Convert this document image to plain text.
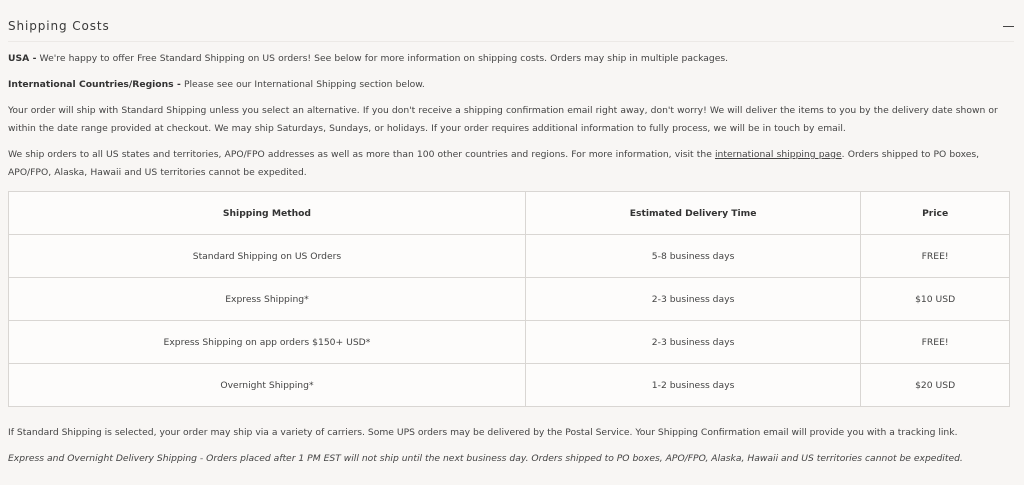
Shipping Costs

USA - We're happy to offer Free Standard Shipping on US orders! See below for more information on shipping costs. Orders may ship in multiple packages.

International Countries/Regions - Please see our International Shipping section below.

Your order will ship with Standard Shipping unless you select an alternative. If you don't receive a shipping confirmation email right away, don't worry! We will deliver the items to you by the delivery date shown or within the date range provided at checkout. We may ship Saturdays, Sundays, or holidays. If your order requires additional information to fully process, we will be in touch by email.

We ship orders to all US states and territories, APO/FPO addresses as well as more than 100 other countries and regions. For more information, visit the international shipping page. Orders shipped to PO boxes, APO/FPO, Alaska, Hawaii and US territories cannot be expedited.

Shipping Method	Estimated Delivery Time	Price
Standard Shipping on US Orders	5-8 business days	FREE!
Express Shipping*	2-3 business days	$10 USD
Express Shipping on app orders $150+ USD*	2-3 business days	FREE!
Overnight Shipping*	1-2 business days	$20 USD
If Standard Shipping is selected, your order may ship via a variety of carriers. Some UPS orders may be delivered by the Postal Service. Your Shipping Confirmation email will provide you with a tracking link.
Express and Overnight Delivery Shipping - Orders placed after 1 PM EST will not ship until the next business day. Orders shipped to PO boxes, APO/FPO, Alaska, Hawaii and US territories cannot be expedited.
